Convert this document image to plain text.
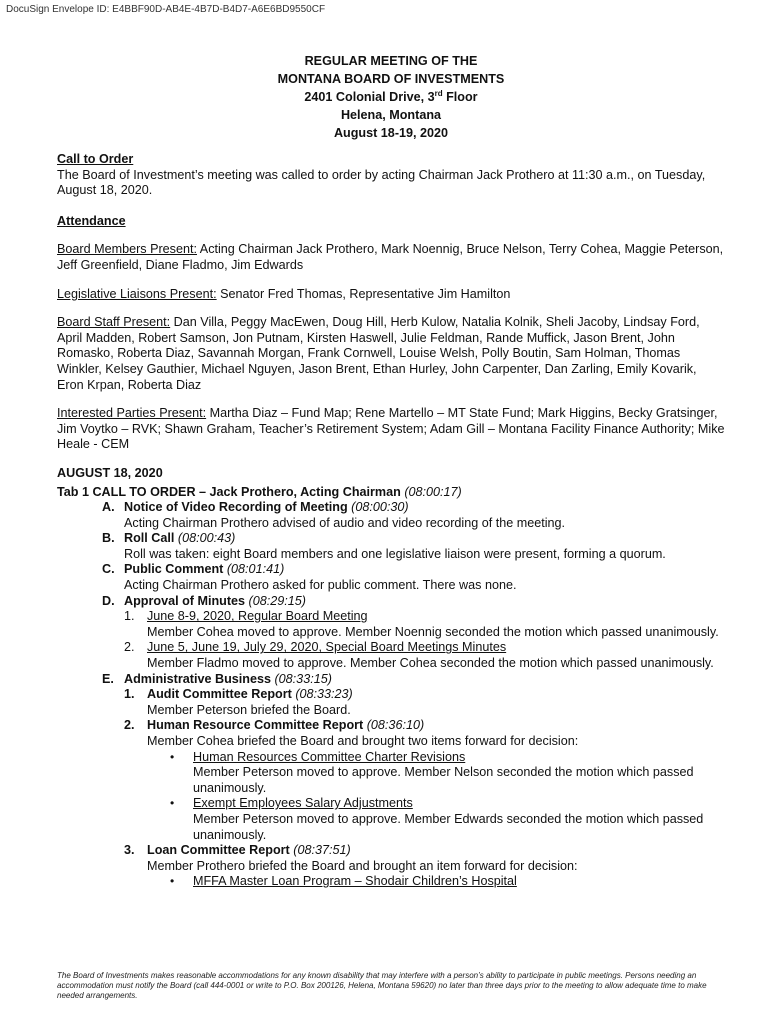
DocuSign Envelope ID: E4BBF90D-AB4E-4B7D-B4D7-A6E6BD9550CF
REGULAR MEETING OF THE
MONTANA BOARD OF INVESTMENTS
2401 Colonial Drive, 3rd Floor
Helena, Montana
August 18-19, 2020
Call to Order

The Board of Investment’s meeting was called to order by acting Chairman Jack Prothero at 11:30 a.m., on Tuesday, August 18, 2020.

Attendance

Board Members Present: Acting Chairman Jack Prothero, Mark Noennig, Bruce Nelson, Terry Cohea, Maggie Peterson, Jeff Greenfield, Diane Fladmo, Jim Edwards

Legislative Liaisons Present: Senator Fred Thomas, Representative Jim Hamilton

Board Staff Present: Dan Villa, Peggy MacEwen, Doug Hill, Herb Kulow, Natalia Kolnik, Sheli Jacoby, Lindsay Ford, April Madden, Robert Samson, Jon Putnam, Kirsten Haswell, Julie Feldman, Rande Muffick, Jason Brent, John Romasko, Roberta Diaz, Savannah Morgan, Frank Cornwell, Louise Welsh, Polly Boutin, Sam Holman, Thomas Winkler, Kelsey Gauthier, Michael Nguyen, Jason Brent, Ethan Hurley, John Carpenter, Dan Zarling, Emily Kovarik, Eron Krpan, Roberta Diaz

Interested Parties Present: Martha Diaz – Fund Map; Rene Martello – MT State Fund; Mark Higgins, Becky Gratsinger, Jim Voytko – RVK; Shawn Graham, Teacher’s Retirement System; Adam Gill – Montana Facility Finance Authority; Mike Heale - CEM

AUGUST 18, 2020
Tab 1 CALL TO ORDER – Jack Prothero, Acting Chairman (08:00:17)
A. Notice of Video Recording of Meeting (08:00:30)
Acting Chairman Prothero advised of audio and video recording of the meeting.
B. Roll Call (08:00:43)
Roll was taken: eight Board members and one legislative liaison were present, forming a quorum.
C. Public Comment (08:01:41)
Acting Chairman Prothero asked for public comment. There was none.
D. Approval of Minutes (08:29:15)
1. June 8-9, 2020, Regular Board Meeting
Member Cohea moved to approve. Member Noennig seconded the motion which passed unanimously.
2. June 5, June 19, July 29, 2020, Special Board Meetings Minutes
Member Fladmo moved to approve. Member Cohea seconded the motion which passed unanimously.
E. Administrative Business (08:33:15)
1. Audit Committee Report (08:33:23)
Member Peterson briefed the Board.
2. Human Resource Committee Report (08:36:10)
Member Cohea briefed the Board and brought two items forward for decision:
• Human Resources Committee Charter Revisions
Member Peterson moved to approve. Member Nelson seconded the motion which passed unanimously.
• Exempt Employees Salary Adjustments
Member Peterson moved to approve. Member Edwards seconded the motion which passed unanimously.
3. Loan Committee Report (08:37:51)
Member Prothero briefed the Board and brought an item forward for decision:
• MFFA Master Loan Program – Shodair Children’s Hospital
The Board of Investments makes reasonable accommodations for any known disability that may interfere with a person’s ability to participate in public meetings. Persons needing an accommodation must notify the Board (call 444-0001 or write to P.O. Box 200126, Helena, Montana 59620) no later than three days prior to the meeting to allow adequate time to make needed arrangements.
